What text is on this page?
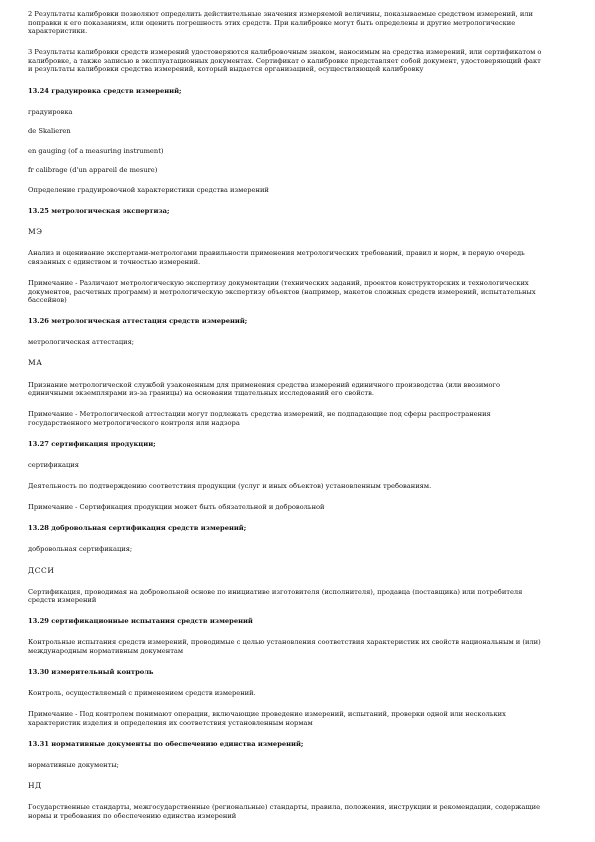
2 Результаты калибровки позволяют определить действительные значения измеряемой величины, показываемые средством измерений, или поправки к его показаниям, или оценить погрешность этих средств. При калибровке могут быть определены и другие метрологические характеристики.

3 Результаты калибровки средств измерений удостоверяются калибровочным знаком, наносимым на средства измерений, или сертификатом о калибровке, а также записью в эксплуатационных документах. Сертификат о калибровке представляет собой документ, удостоверяющий факт и результаты калибровки средства измерений, который выдается организацией, осуществляющей калибровку

13.24 градуировка средств измерений;

градуировка

de Skalieren

en gauging (of a measuring instrument)

fr calibrage (d'un appareil de mesure)

Определение градуировочной характеристики средства измерений

13.25 метрологическая экспертиза;

МЭ

Анализ и оценивание экспертами-метрологами правильности применения метрологических требований, правил и норм, в первую очередь связанных с единством и точностью измерений.

Примечание - Различают метрологическую экспертизу документации (технических заданий, проектов конструкторских и технологических документов, расчетных программ) и метрологическую экспертизу объектов (например, макетов сложных средств измерений, испытательных бассейнов)

13.26 метрологическая аттестация средств измерений;

метрологическая аттестация;

МА

Признание метрологической службой узаконенным для применения средства измерений единичного производства (или ввозимого единичными экземплярами из-за границы) на основании тщательных исследований его свойств.

Примечание - Метрологической аттестации могут подлежать средства измерений, не подпадающие под сферы распространения государственного метрологического контроля или надзора

13.27 сертификация продукции;

сертификация

Деятельность по подтверждению соответствия продукции (услуг и иных объектов) установленным требованиям.

Примечание - Сертификация продукции может быть обязательной и добровольной

13.28 добровольная сертификация средств измерений;

добровольная сертификация;

ДССИ

Сертификация, проводимая на добровольной основе по инициативе изготовителя (исполнителя), продавца (поставщика) или потребителя средств измерений

13.29 сертификационные испытания средств измерений

Контрольные испытания средств измерений, проводимые с целью установления соответствия характеристик их свойств национальным и (или) международным нормативным документам

13.30 измерительный контроль

Контроль, осуществляемый с применением средств измерений.

Примечание - Под контролем понимают операции, включающие проведение измерений, испытаний, проверки одной или нескольких характеристик изделия и определения их соответствия установленным нормам

13.31 нормативные документы по обеспечению единства измерений;

нормативные документы;

НД

Государственные стандарты, межгосударственные (региональные) стандарты, правила, положения, инструкции и рекомендации, содержащие нормы и требования по обеспечению единства измерений
